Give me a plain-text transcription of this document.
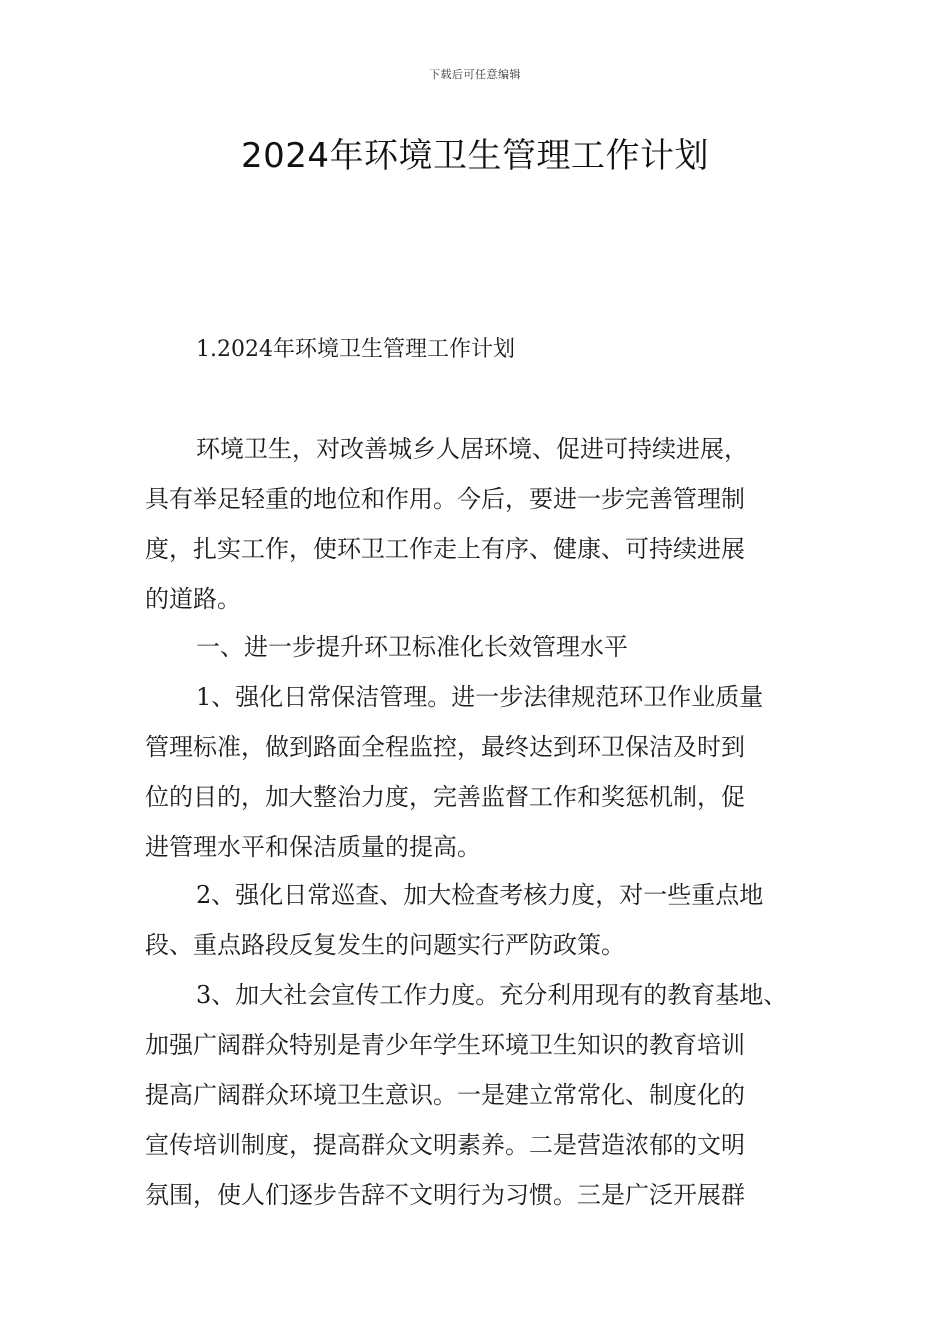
下载后可任意编辑
2024年环境卫生管理工作计划
1.2024年环境卫生管理工作计划

环境卫生，对改善城乡人居环境、促进可持续进展，

具有举足轻重的地位和作用。今后，要进一步完善管理制

度，扎实工作，使环卫工作走上有序、健康、可持续进展

的道路。

一、进一步提升环卫标准化长效管理水平

1、强化日常保洁管理。进一步法律规范环卫作业质量

管理标准，做到路面全程监控，最终达到环卫保洁及时到

位的目的，加大整治力度，完善监督工作和奖惩机制，促

进管理水平和保洁质量的提高。

2、强化日常巡查、加大检查考核力度，对一些重点地

段、重点路段反复发生的问题实行严防政策。

3、加大社会宣传工作力度。充分利用现有的教育基地、

加强广阔群众特别是青少年学生环境卫生知识的教育培训

提高广阔群众环境卫生意识。一是建立常常化、制度化的

宣传培训制度，提高群众文明素养。二是营造浓郁的文明

氛围，使人们逐步告辞不文明行为习惯。三是广泛开展群
